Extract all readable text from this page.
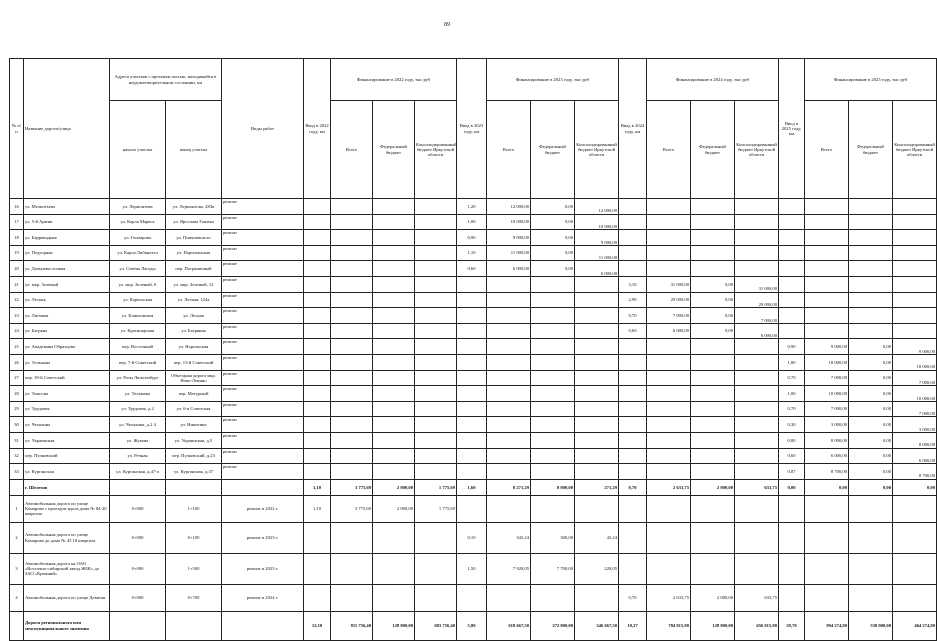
89
№ п/п	Название дороги/улица	Адреса участков с протяжен частью, находящейся в неудовлетворительном состоянии, км		Виды работ	Ввод в 2022 году, км	Финансирование в 2022 году, тыс руб			Ввод в 2023 году, км	Финансирование в 2023 году, тыс руб			Ввод в 2024 году, км	Финансирование в 2024 году, тыс руб			Ввод в 2025 году, км	Финансирование в 2025 году, тыс руб		
		начало участка	конец участка			Всего	Федеральный бюджет	Консолидированный бюджет Иркутской области		Всего	Федеральный бюджет	Консолидированный бюджет Иркутской области		Всего	Федеральный бюджет	Консолидированный бюджет Иркутской области		Всего	Федеральный бюджет	Консолидированный бюджет Иркутской области
16	ул. Мелиотьева	ул. Лермонтова	ул. Лермонтова, 283в	ремонт					1,20	12 000,00	0,00	12 000,00								
17	ул. 5-й Армии	ул. Карла Маркса	ул. Ярослава Гашека	ремонт					1,00	10 000,00	0,00	10 000,00								
18	ул. Баррикадная	ул. Гончарова	ул. Помяловского	ремонт					0,90	9 000,00	0,00	9 000,00								
19	ул. Подгорная	ул. Карла Либкнехта	ул. Партизанская	ремонт					1,10	11 000,00	0,00	11 000,00								
20	ул. Дальневосточная	ул. Севёна Лагоды	пер. Пограничный	ремонт					0,60	6 000,00	0,00	6 000,00								
21	ул. мкр. Зеленый	ул. мкр. Зеленый, 6	ул. мкр. Зеленый, 12	ремонт									3,10	31 000,00	0,00	31 000,00				
22	ул. Лесная	ул. Карельская	ул. Лесная, 124а	ремонт									2,90	29 000,00	0,00	29 000,00				
23	ул. Липовая	ул. Клинтовская	ул. Лесная	ремонт									0,70	7 000,00	0,00	7 000,00				
24	ул. Багряна	ул. Красноярская	ул. Багряная	ремонт									0,60	6 000,00	0,00	6 000,00				
25	ул. Академика Образцова	пер. Восточный	ул. Норильская	ремонт													0,90	9 000,00	0,00	9 000,00
26	ул. Тельмана	пер. 7-й Советский	пер. 13-й Советский	ремонт													1,80	18 000,00	0,00	18 000,00
27	пер. 18-й Советский	ул. Розы Люксембург	Объездная дорога мкр. Ново-Ленино	ремонт													0,70	7 000,00	0,00	7 000,00
28	ул. Томсона	ул. Тельмана	пер. Мотурный	ремонт													1,00	10 000,00	0,00	10 000,00
29	ул. Трудовая	ул. Трудовая, д.2	ул. 6-я Советская	ремонт													0,70	7 000,00	0,00	7 000,00
30	ул. Чехалина	ул. Чехалина, д.2 4	ул. Никитина	ремонт													0,30	3 000,00	0,00	3 000,00
31	ул. Украинская	ул. Жукова	ул. Украинская, д.5	ремонт													0,80	8 000,00	0,00	8 000,00
32	пер. Пулковский	ул. Речная	пер. Пулковский, д.23	ремонт													0,60	6 000,00	0,00	6 000,00
33	ул. Курганская	ул. Курганская, д.47-а	ул. Курганская, д.37	ремонт													0,87	8 700,00	0,00	8 700,00
	г. Шелехов				1,10	3 775,69	2 000,00	1 775,69	1,60	8 271,29	8 000,00	271,29	0,70	2 633,75	2 000,00	633,75	0,00	0,00	0,00	0,00
1	Автомобильная дорога по улице Комарова с проездом вдоль дома № 84-20 квартала	0+000	1+100	ремонт в 2022 г.	1,10	3 775,69	2 000,00	1 775,69												
2	Автомобильная дорога по улице Комарова до дома № 45 18 квартала	0+000	0+100	ремонт в 2023 г.					0,10	343,24	300,00	43,24								
3	Автомобильная дорога на ОАО «Восточно-сибирский завод ЖБК» до ЗАО «Кремний»	0+000	1+500	ремонт в 2023 г.					1,50	7 928,05	7 700,00	228,05								
4	Автомобильная дорога по улице Девятая	0+000	0+700	ремонт в 2024 г.									0,70	2 633,75	2 000,00	633,75				
	Дороги регионального или межмуниципального значения				12,10	811 756,40	128 000,00	683 756,40	5,80	618 667,50	272 000,00	346 667,50	10,27	784 015,90	128 000,00	656 015,90	29,70	994 274,00	530 000,00	464 274,00
